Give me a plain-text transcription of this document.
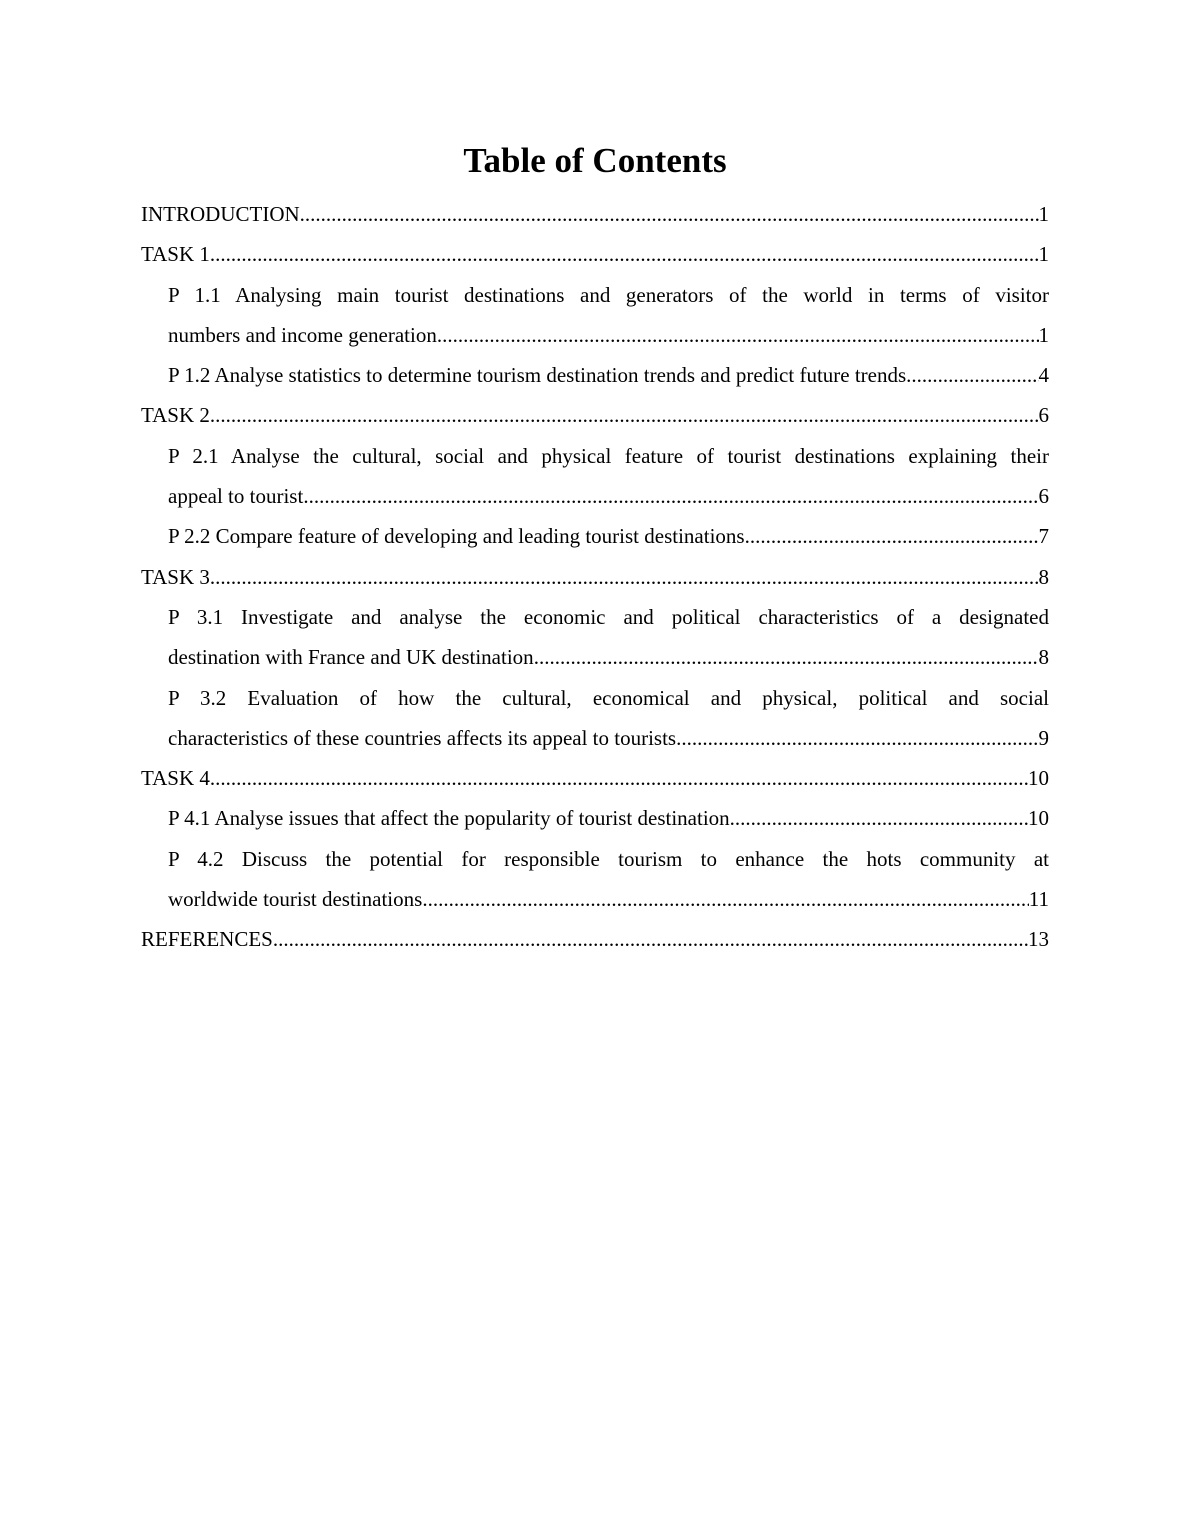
Table of Contents
INTRODUCTION .....	1
TASK 1 .....	1
P 1.1 Analysing main tourist destinations and generators of the world in terms of visitor
numbers and income generation .....	1
P 1.2 Analyse statistics to determine tourism destination trends and predict future trends .....	4
TASK 2 .....	6
P 2.1 Analyse the cultural, social and physical feature of tourist destinations explaining their
appeal to tourist .....	6
P 2.2 Compare feature of developing and leading tourist destinations .....	7
TASK 3 .....	8
P 3.1 Investigate and analyse the economic and political characteristics of a designated
destination with France and UK destination .....	8
P 3.2 Evaluation of how the cultural, economical and physical, political and social
characteristics of these countries affects its appeal to tourists .....	9
TASK 4 .....	10
P 4.1 Analyse issues that affect the popularity of tourist destination .....	10
P 4.2 Discuss the potential for responsible tourism to enhance the hots community at
worldwide tourist destinations .....	11
REFERENCES .....	13
